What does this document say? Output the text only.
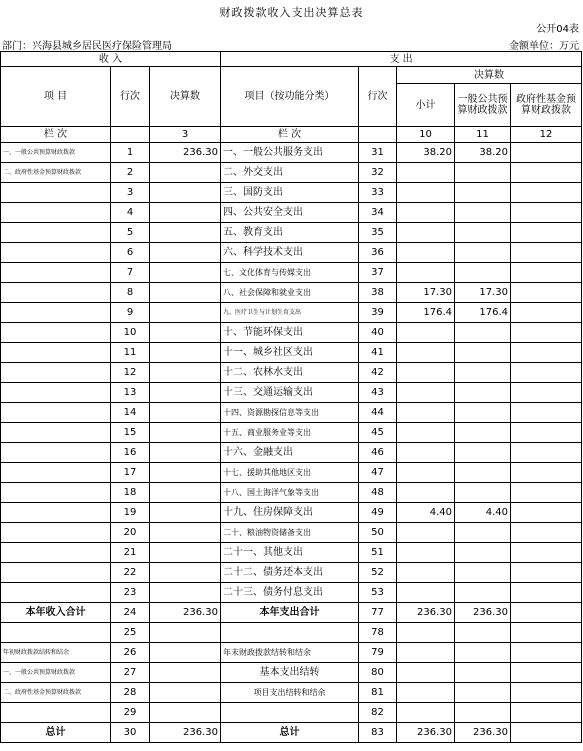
财政拨款收入支出决算总表
公开04表
部门：兴海县城乡居民医疗保险管理局	金额单位：万元
收 入			支 出				
项 目	行次	决算数	项目（按功能分类）	行次	决算数		
					小计	一般公共预算财政拨款	政府性基金预算财政拨款
栏 次		3	栏 次		10	11	12
一、一般公共预算财政拨款	1	236.30	一、一般公共服务支出	31	38.20	38.20	
二、政府性基金预算财政拨款	2		二、外交支出	32			
	3		三、国防支出	33			
	4		四、公共安全支出	34			
	5		五、教育支出	35			
	6		六、科学技术支出	36			
	7		七、文化体育与传媒支出	37			
	8		八、社会保障和就业支出	38	17.30	17.30	
	9		九、医疗卫生与计划生育支出	39	176.4	176.4	
	10		十、节能环保支出	40			
	11		十一、城乡社区支出	41			
	12		十二、农林水支出	42			
	13		十三、交通运输支出	43			
	14		十四、资源勘探信息等支出	44			
	15		十五、商业服务业等支出	45			
	16		十六、金融支出	46			
	17		十七、援助其他地区支出	47			
	18		十八、国土海洋气象等支出	48			
	19		十九、住房保障支出	49	4.40	4.40	
	20		二十、粮油物资储备支出	50			
	21		二十一、其他支出	51			
	22		二十二、债务还本支出	52			
	23		二十三、债务付息支出	53			
本年收入合计	24	236.30	本年支出合计	77	236.30	236.30	
	25			78			
年初财政拨款结转和结余	26		年末财政拨款结转和结余	79			
一、一般公共预算财政拨款	27		基本支出结转	80			
二、政府性基金预算财政拨款	28		项目支出结转和结余	81			
	29			82			
总计	30	236.30	总计	83	236.30	236.30	
